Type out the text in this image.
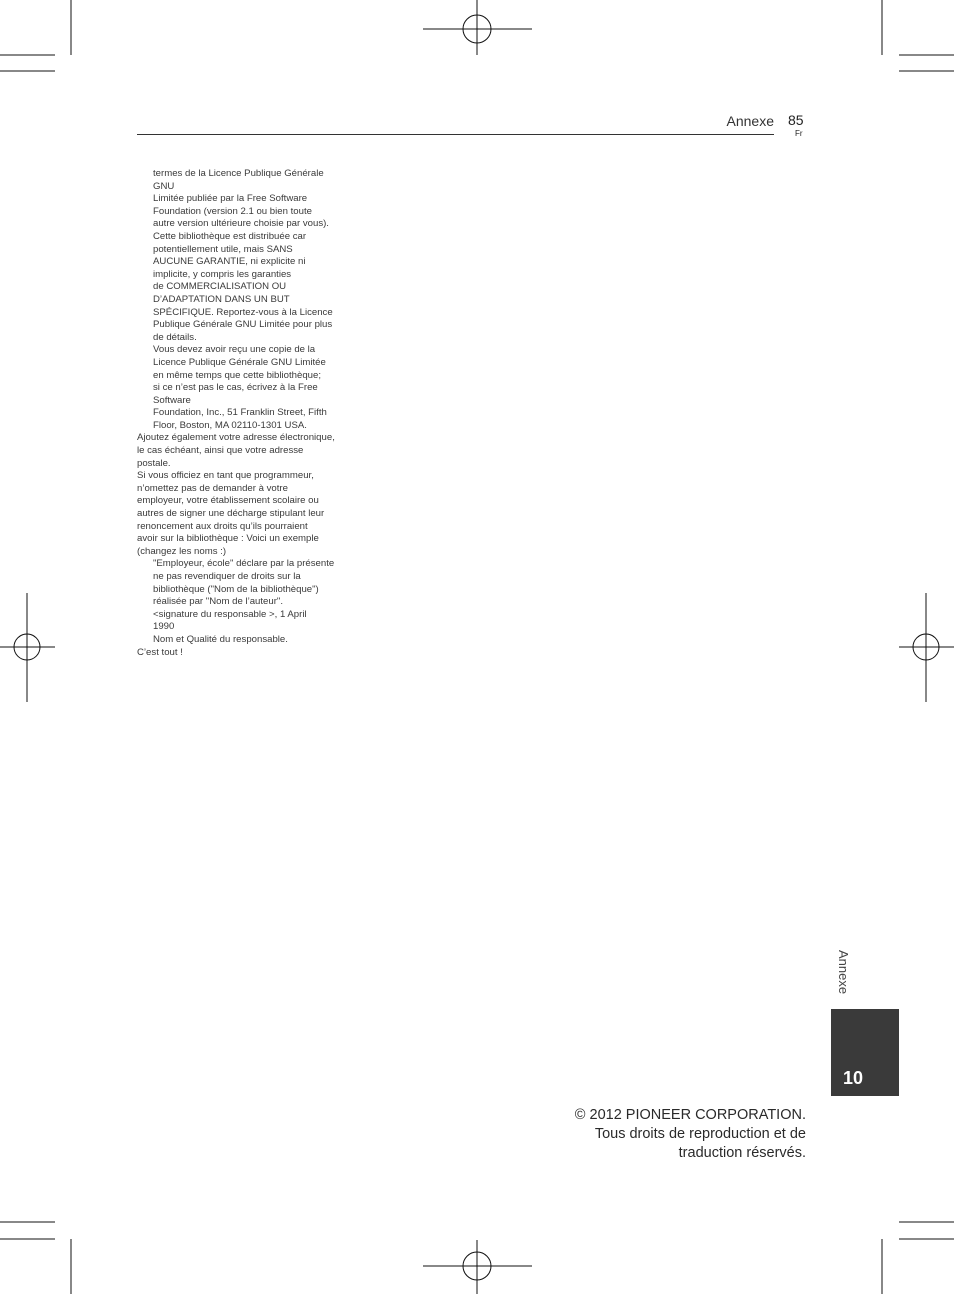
Annexe 85
Fr
termes de la Licence Publique Générale
GNU
Limitée publiée par la Free Software
Foundation (version 2.1 ou bien toute
autre version ultérieure choisie par vous).
Cette bibliothèque est distribuée car
potentiellement utile, mais SANS
AUCUNE GARANTIE, ni explicite ni
implicite, y compris les garanties
de COMMERCIALISATION OU
D’ADAPTATION DANS UN BUT
SPÉCIFIQUE. Reportez-vous à la Licence
Publique Générale GNU Limitée pour plus
de détails.
Vous devez avoir reçu une copie de la
Licence Publique Générale GNU Limitée
en même temps que cette bibliothèque;
si ce n’est pas le cas, écrivez à la Free
Software
Foundation, Inc., 51 Franklin Street, Fifth
Floor, Boston, MA 02110-1301 USA.
Ajoutez également votre adresse électronique,
le cas échéant, ainsi que votre adresse
postale.
Si vous officiez en tant que programmeur,
n’omettez pas de demander à votre
employeur, votre établissement scolaire ou
autres de signer une décharge stipulant leur
renoncement aux droits qu’ils pourraient
avoir sur la bibliothèque : Voici un exemple
(changez les noms :)
"Employeur, école" déclare par la présente
ne pas revendiquer de droits sur la
bibliothèque ("Nom de la bibliothèque")
réalisée par "Nom de l’auteur".
<signature du responsable >, 1 April
1990
Nom et Qualité du responsable.
C’est tout !
Annexe
10
© 2012 PIONEER CORPORATION.
Tous droits de reproduction et de
traduction réservés.
